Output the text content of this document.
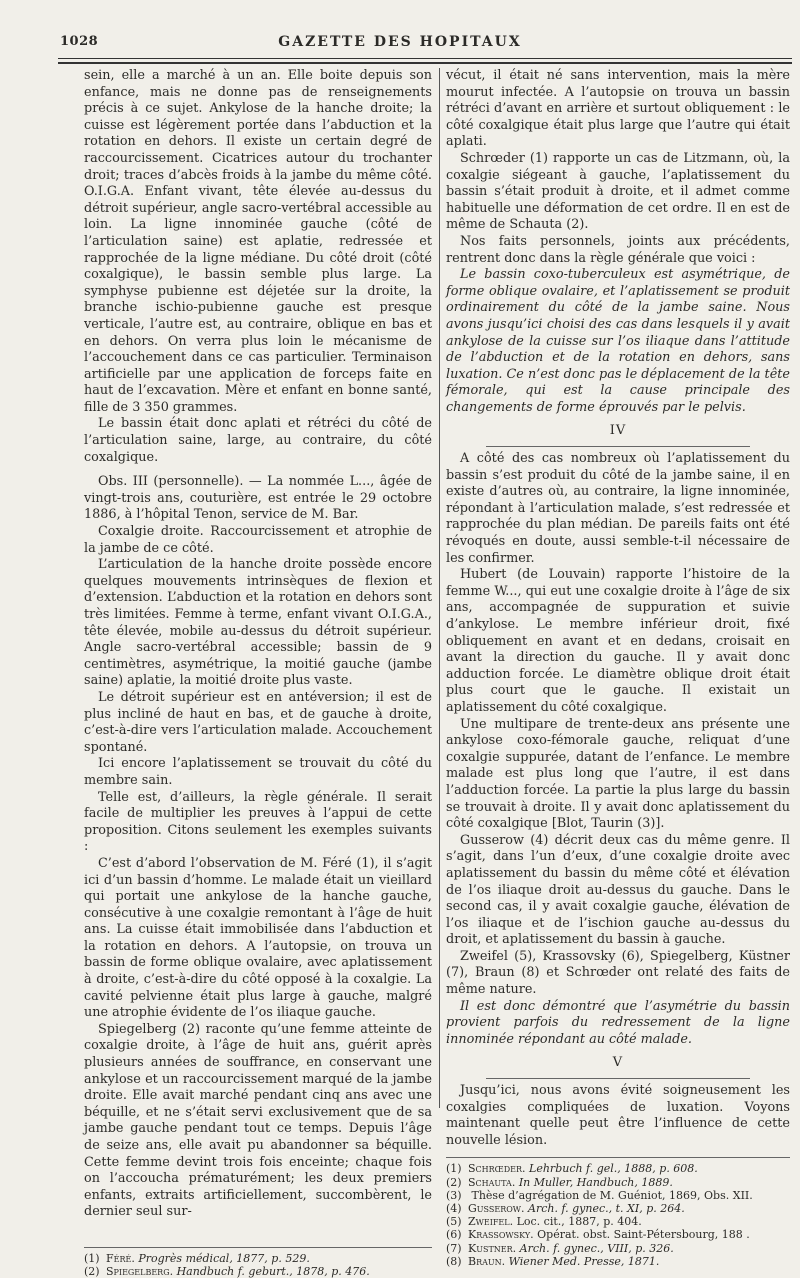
1028	GAZETTE DES HOPITAUX

sein, elle a marché à un an. Elle boite depuis son enfance, mais ne donne pas de renseignements précis à ce sujet. Ankylose de la hanche droite; la cuisse est légèrement portée dans l’abduction et la rotation en dehors. Il existe un certain degré de raccourcissement. Cicatrices autour du trochanter droit; traces d’abcès froids à la jambe du même côté. O.I.G.A. Enfant vivant, tête élevée au-dessus du détroit supérieur, angle sacro-vertébral accessible au loin. La ligne innominée gauche (côté de l’articulation saine) est aplatie, redressée et rapprochée de la ligne médiane. Du côté droit (côté coxalgique), le bassin semble plus large. La symphyse pubienne est déjetée sur la droite, la branche ischio-pubienne gauche est presque verticale, l’autre est, au contraire, oblique en bas et en dehors. On verra plus loin le mécanisme de l’accouchement dans ce cas particulier. Terminaison artificielle par une application de forceps faite en haut de l’excavation. Mère et enfant en bonne santé, fille de 3 350 grammes.

Le bassin était donc aplati et rétréci du côté de l’articulation saine, large, au contraire, du côté coxalgique.

Obs. III (personnelle). — La nommée L..., âgée de vingt-trois ans, couturière, est entrée le 29 octobre 1886, à l’hôpital Tenon, service de M. Bar.

Coxalgie droite. Raccourcissement et atrophie de la jambe de ce côté.

L’articulation de la hanche droite possède encore quelques mouvements intrinsèques de flexion et d’extension. L’abduction et la rotation en dehors sont très limitées. Femme à terme, enfant vivant O.I.G.A., tête élevée, mobile au-dessus du détroit supérieur. Angle sacro-vertébral accessible; bassin de 9 centimètres, asymétrique, la moitié gauche (jambe saine) aplatie, la moitié droite plus vaste.

Le détroit supérieur est en antéversion; il est de plus incliné de haut en bas, et de gauche à droite, c’est-à-dire vers l’articulation malade. Accouchement spontané.

Ici encore l’aplatissement se trouvait du côté du membre sain.

Telle est, d’ailleurs, la règle générale. Il serait facile de multiplier les preuves à l’appui de cette proposition. Citons seulement les exemples suivants :

C’est d’abord l’observation de M. Féré (1), il s’agit ici d’un bassin d’homme. Le malade était un vieillard qui portait une ankylose de la hanche gauche, consécutive à une coxalgie remontant à l’âge de huit ans. La cuisse était immobilisée dans l’abduction et la rotation en dehors. A l’autopsie, on trouva un bassin de forme oblique ovalaire, avec aplatissement à droite, c’est-à-dire du côté opposé à la coxalgie. La cavité pelvienne était plus large à gauche, malgré une atrophie évidente de l’os iliaque gauche.

Spiegelberg (2) raconte qu’une femme atteinte de coxalgie droite, à l’âge de huit ans, guérit après plusieurs années de souffrance, en conservant une ankylose et un raccourcissement marqué de la jambe droite. Elle avait marché pendant cinq ans avec une béquille, et ne s’était servi exclusivement que de sa jambe gauche pendant tout ce temps. Depuis l’âge de seize ans, elle avait pu abandonner sa béquille. Cette femme devint trois fois enceinte; chaque fois on l’accoucha prématurément; les deux premiers enfants, extraits artificiellement, succombèrent, le dernier seul sur-

(1) Féré. Progrès médical, 1877, p. 529.
(2) Spiegelberg. Handbuch f. geburt., 1878, p. 476.

vécut, il était né sans intervention, mais la mère mourut infectée. A l’autopsie on trouva un bassin rétréci d’avant en arrière et surtout obliquement : le côté coxalgique était plus large que l’autre qui était aplati.

Schrœder (1) rapporte un cas de Litzmann, où, la coxalgie siégeant à gauche, l’aplatissement du bassin s’était produit à droite, et il admet comme habituelle une déformation de cet ordre. Il en est de même de Schauta (2).

Nos faits personnels, joints aux précédents, rentrent donc dans la règle générale que voici :

Le bassin coxo-tuberculeux est asymétrique, de forme oblique ovalaire, et l’aplatissement se produit ordinairement du côté de la jambe saine. Nous avons jusqu’ici choisi des cas dans lesquels il y avait ankylose de la cuisse sur l’os iliaque dans l’attitude de l’abduction et de la rotation en dehors, sans luxation. Ce n’est donc pas le déplacement de la tête fémorale, qui est la cause principale des changements de forme éprouvés par le pelvis.

IV

A côté des cas nombreux où l’aplatissement du bassin s’est produit du côté de la jambe saine, il en existe d’autres où, au contraire, la ligne innominée, répondant à l’articulation malade, s’est redressée et rapprochée du plan médian. De pareils faits ont été révoqués en doute, aussi semble-t-il nécessaire de les confirmer.

Hubert (de Louvain) rapporte l’histoire de la femme W..., qui eut une coxalgie droite à l’âge de six ans, accompagnée de suppuration et suivie d’ankylose. Le membre inférieur droit, fixé obliquement en avant et en dedans, croisait en avant la direction du gauche. Il y avait donc adduction forcée. Le diamètre oblique droit était plus court que le gauche. Il existait un aplatissement du côté coxalgique.

Une multipare de trente-deux ans présente une ankylose coxo-fémorale gauche, reliquat d’une coxalgie suppurée, datant de l’enfance. Le membre malade est plus long que l’autre, il est dans l’adduction forcée. La partie la plus large du bassin se trouvait à droite. Il y avait donc aplatissement du côté coxalgique [Blot, Taurin (3)].

Gusserow (4) décrit deux cas du même genre. Il s’agit, dans l’un d’eux, d’une coxalgie droite avec aplatissement du bassin du même côté et élévation de l’os iliaque droit au-dessus du gauche. Dans le second cas, il y avait coxalgie gauche, élévation de l’os iliaque et de l’ischion gauche au-dessus du droit, et aplatissement du bassin à gauche.

Zweifel (5), Krassovsky (6), Spiegelberg, Küstner (7), Braun (8) et Schrœder ont relaté des faits de même nature.

Il est donc démontré que l’asymétrie du bassin provient parfois du redressement de la ligne innominée répondant au côté malade.

V

Jusqu’ici, nous avons évité soigneusement les coxalgies compliquées de luxation. Voyons maintenant quelle peut être l’influence de cette nouvelle lésion.

(1) Schrœder. Lehrbuch f. gel., 1888, p. 608.
(2) Schauta. In Muller, Handbuch, 1889.
(3) Thèse d’agrégation de M. Guéniot, 1869, Obs. XII.
(4) Gusserow. Arch. f. gynec., t. XI, p. 264.
(5) Zweifel. Loc. cit., 1887, p. 404.
(6) Krassowsky. Opérat. obst. Saint-Pétersbourg, 188 .
(7) Kustner. Arch. f. gynec., VIII, p. 326.
(8) Braun. Wiener Med. Presse, 1871.
